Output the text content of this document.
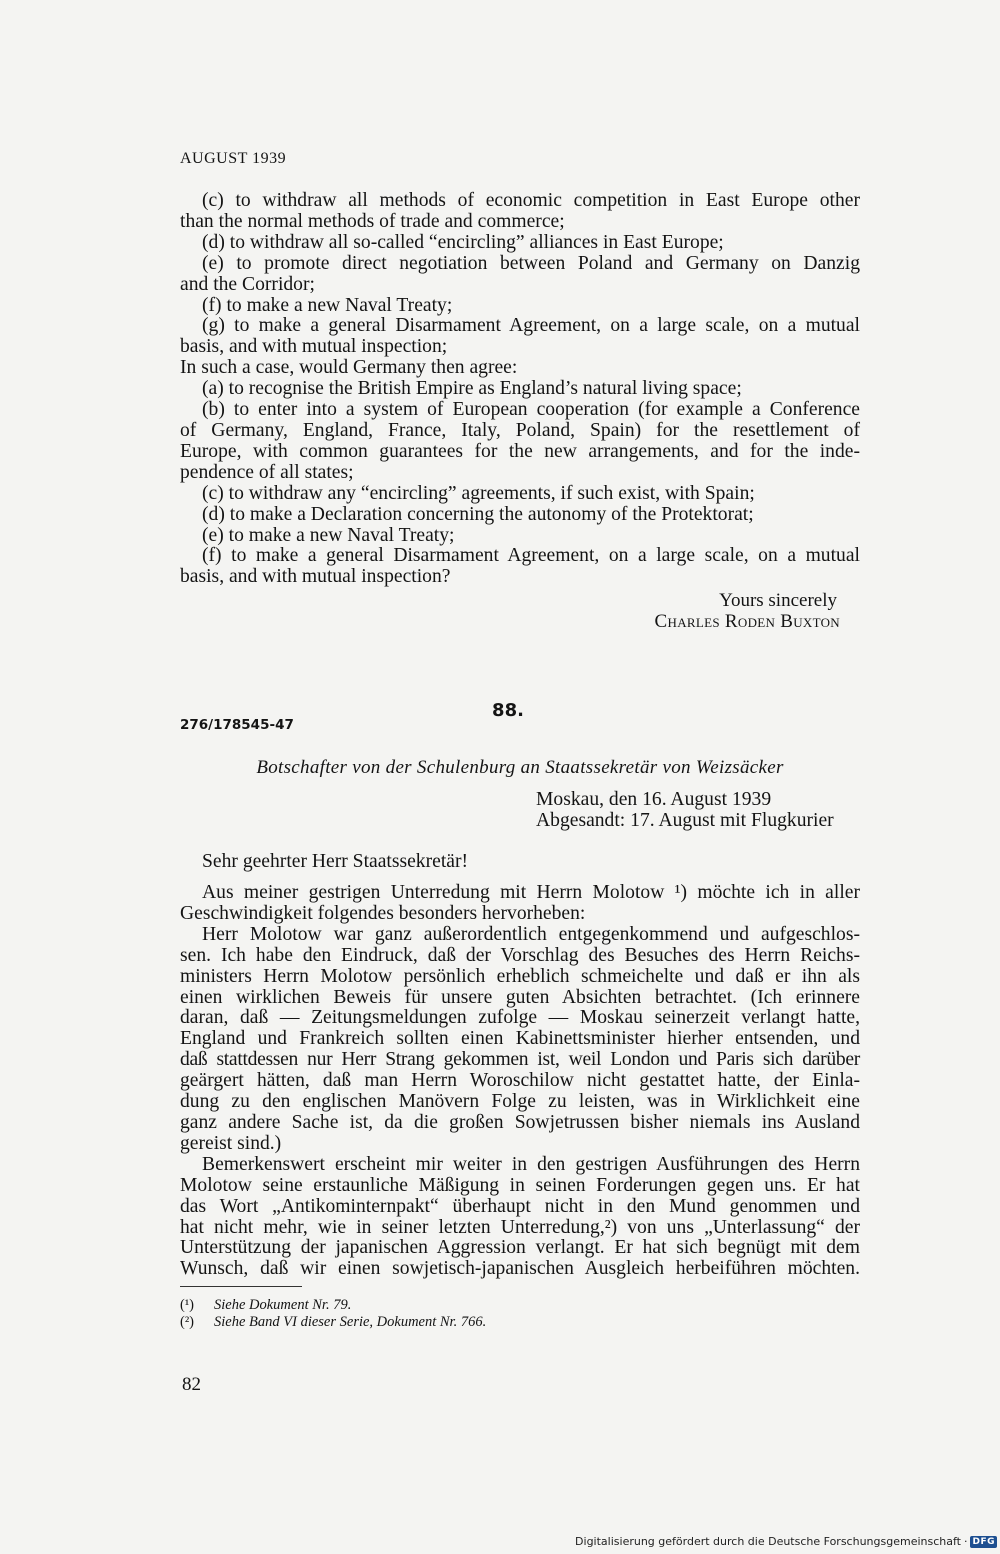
AUGUST 1939
(c) to withdraw all methods of economic competition in East Europe other
than the normal methods of trade and commerce;
(d) to withdraw all so-called “encircling” alliances in East Europe;
(e) to promote direct negotiation between Poland and Germany on Danzig
and the Corridor;
(f) to make a new Naval Treaty;
(g) to make a general Disarmament Agreement, on a large scale, on a mutual
basis, and with mutual inspection;
In such a case, would Germany then agree:
(a) to recognise the British Empire as England’s natural living space;
(b) to enter into a system of European cooperation (for example a Conference
of Germany, England, France, Italy, Poland, Spain) for the resettlement of
Europe, with common guarantees for the new arrangements, and for the inde-
pendence of all states;
(c) to withdraw any “encircling” agreements, if such exist, with Spain;
(d) to make a Declaration concerning the autonomy of the Protektorat;
(e) to make a new Naval Treaty;
(f) to make a general Disarmament Agreement, on a large scale, on a mutual
basis, and with mutual inspection?
Yours sincerely
Charles Roden Buxton
88.
276/178545-47
Botschafter von der Schulenburg an Staatssekretär von Weizsäcker
Moskau, den 16. August 1939
Abgesandt: 17. August mit Flugkurier
Sehr geehrter Herr Staatssekretär!
Aus meiner gestrigen Unterredung mit Herrn Molotow ¹) möchte ich in aller
Geschwindigkeit folgendes besonders hervorheben:
Herr Molotow war ganz außerordentlich entgegenkommend und aufgeschlos-
sen. Ich habe den Eindruck, daß der Vorschlag des Besuches des Herrn Reichs-
ministers Herrn Molotow persönlich erheblich schmeichelte und daß er ihn als
einen wirklichen Beweis für unsere guten Absichten betrachtet. (Ich erinnere
daran, daß — Zeitungsmeldungen zufolge — Moskau seinerzeit verlangt hatte,
England und Frankreich sollten einen Kabinettsminister hierher entsenden, und
daß stattdessen nur Herr Strang gekommen ist, weil London und Paris sich darüber
geärgert hätten, daß man Herrn Woroschilow nicht gestattet hatte, der Einla-
dung zu den englischen Manövern Folge zu leisten, was in Wirklichkeit eine
ganz andere Sache ist, da die großen Sowjetrussen bisher niemals ins Ausland
gereist sind.)
Bemerkenswert erscheint mir weiter in den gestrigen Ausführungen des Herrn
Molotow seine erstaunliche Mäßigung in seinen Forderungen gegen uns. Er hat
das Wort „Antikominternpakt“ überhaupt nicht in den Mund genommen und
hat nicht mehr, wie in seiner letzten Unterredung,²) von uns „Unterlassung“ der
Unterstützung der japanischen Aggression verlangt. Er hat sich begnügt mit dem
Wunsch, daß wir einen sowjetisch-japanischen Ausgleich herbeiführen möchten.
(¹) Siehe Dokument Nr. 79.
(²) Siehe Band VI dieser Serie, Dokument Nr. 766.
82
Digitalisierung gefördert durch die Deutsche Forschungsgemeinschaft · DFG
